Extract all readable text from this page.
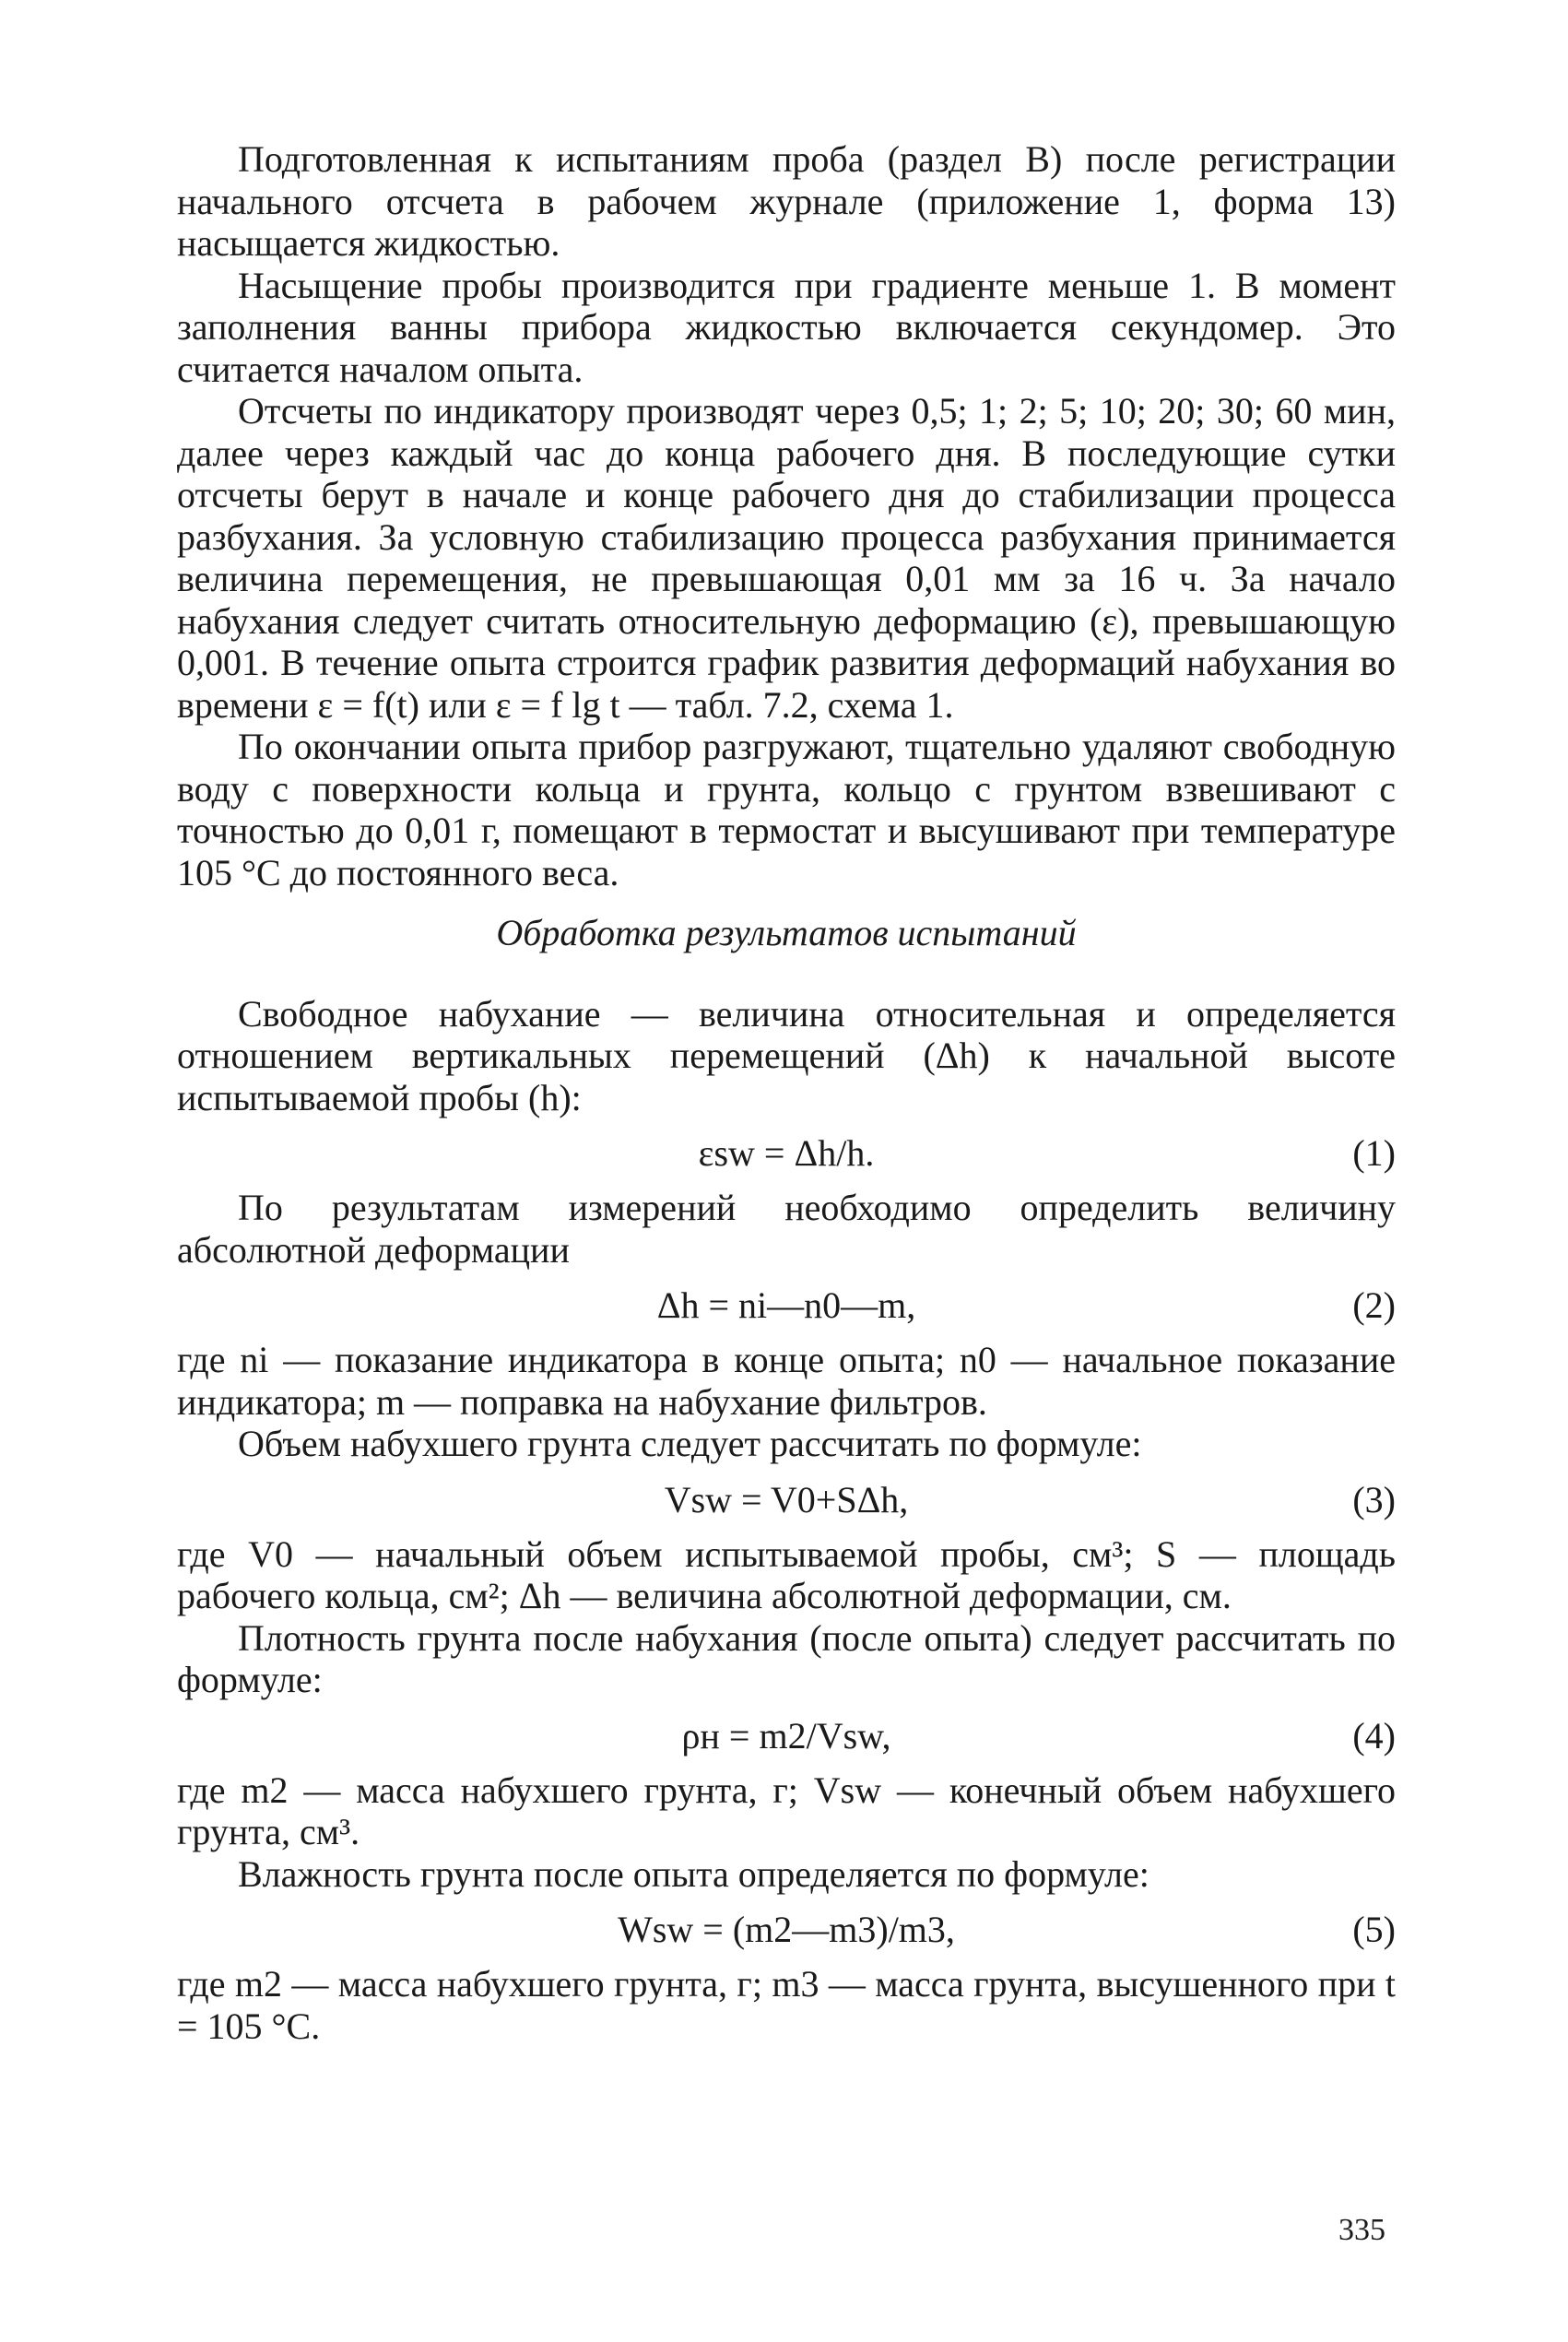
Подготовленная к испытаниям проба (раздел В) после регистрации начального отсчета в рабочем журнале (приложение 1, форма 13) насыщается жидкостью.

Насыщение пробы производится при градиенте меньше 1. В момент заполнения ванны прибора жидкостью включается секундомер. Это считается началом опыта.

Отсчеты по индикатору производят через 0,5; 1; 2; 5; 10; 20; 30; 60 мин, далее через каждый час до конца рабочего дня. В последующие сутки отсчеты берут в начале и конце рабочего дня до стабилизации процесса разбухания. За условную стабилизацию процесса разбухания принимается величина перемещения, не превышающая 0,01 мм за 16 ч. За начало набухания следует считать относительную деформацию (ε), превышающую 0,001. В течение опыта строится график развития деформаций набухания во времени ε = f(t) или ε = f lg t — табл. 7.2, схема 1.

По окончании опыта прибор разгружают, тщательно удаляют свободную воду с поверхности кольца и грунта, кольцо с грунтом взвешивают с точностью до 0,01 г, помещают в термостат и высушивают при температуре 105 °С до постоянного веса.

Обработка результатов испытаний

Свободное набухание — величина относительная и определяется отношением вертикальных перемещений (Δh) к начальной высоте испытываемой пробы (h):

εsw = Δh/h.	(1)

По результатам измерений необходимо определить величину абсолютной деформации

Δh = ni—n0—m,	(2)

где ni — показание индикатора в конце опыта; n0 — начальное показание индикатора; m — поправка на набухание фильтров.

Объем набухшего грунта следует рассчитать по формуле:

Vsw = V0+SΔh,	(3)

где V0 — начальный объем испытываемой пробы, см³; S — площадь рабочего кольца, см²; Δh — величина абсолютной деформации, см.

Плотность грунта после набухания (после опыта) следует рассчитать по формуле:

ρн = m2/Vsw,	(4)

где m2 — масса набухшего грунта, г; Vsw — конечный объем набухшего грунта, см³.

Влажность грунта после опыта определяется по формуле:

Wsw = (m2—m3)/m3,	(5)

где m2 — масса набухшего грунта, г; m3 — масса грунта, высушенного при t = 105 °С.

335
